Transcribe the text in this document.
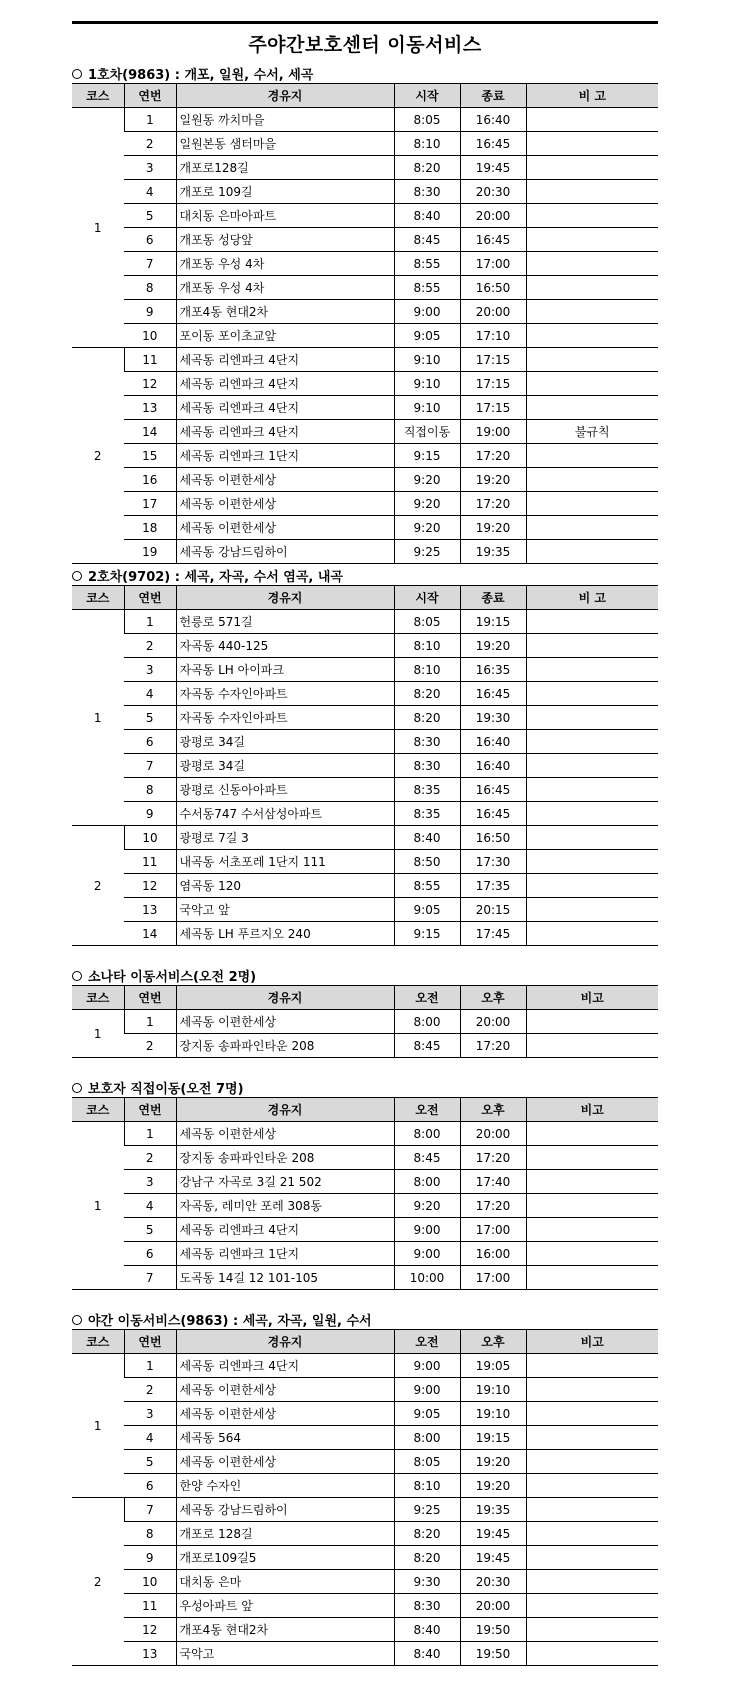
주야간보호센터 이동서비스
1호차(9863) : 개포, 일원, 수서, 세곡
코스	연번	경유지	시작	종료	비 고
1	1	일원동 까치마을	8:05	16:40	
	2	일원본동 샘터마을	8:10	16:45	
	3	개포로128길	8:20	19:45	
	4	개포로 109길	8:30	20:30	
	5	대치동 은마아파트	8:40	20:00	
	6	개포동 성당앞	8:45	16:45	
	7	개포동 우성 4차	8:55	17:00	
	8	개포동 우성 4차	8:55	16:50	
	9	개포4동 현대2차	9:00	20:00	
	10	포이동 포이초교앞	9:05	17:10	
2	11	세곡동 리엔파크 4단지	9:10	17:15	
	12	세곡동 리엔파크 4단지	9:10	17:15	
	13	세곡동 리엔파크 4단지	9:10	17:15	
	14	세곡동 리엔파크 4단지	직접이동	19:00	불규칙
	15	세곡동 리엔파크 1단지	9:15	17:20	
	16	세곡동 이편한세상	9:20	19:20	
	17	세곡동 이편한세상	9:20	17:20	
	18	세곡동 이편한세상	9:20	19:20	
	19	세곡동 강남드림하이	9:25	19:35	
2호차(9702) : 세곡, 자곡, 수서 염곡, 내곡
코스	연번	경유지	시작	종료	비 고
1	1	헌릉로 571길	8:05	19:15	
	2	자곡동 440-125	8:10	19:20	
	3	자곡동 LH 아이파크	8:10	16:35	
	4	자곡동 수자인아파트	8:20	16:45	
	5	자곡동 수자인아파트	8:20	19:30	
	6	광평로 34길	8:30	16:40	
	7	광평로 34길	8:30	16:40	
	8	광평로 신동아아파트	8:35	16:45	
	9	수서동747 수서삼성아파트	8:35	16:45	
2	10	광평로 7길 3	8:40	16:50	
	11	내곡동 서초포레 1단지 111	8:50	17:30	
	12	염곡동 120	8:55	17:35	
	13	국악고 앞	9:05	20:15	
	14	세곡동 LH 푸르지오 240	9:15	17:45	
소나타 이동서비스(오전 2명)
코스	연번	경유지	오전	오후	비고
1	1	세곡동 이편한세상	8:00	20:00	
	2	장지동 송파파인타운 208	8:45	17:20	
보호자 직접이동(오전 7명)
코스	연번	경유지	오전	오후	비고
1	1	세곡동 이편한세상	8:00	20:00	
	2	장지동 송파파인타운 208	8:45	17:20	
	3	강남구 자곡로 3길 21 502	8:00	17:40	
	4	자곡동, 레미안 포레 308동	9:20	17:20	
	5	세곡동 리엔파크 4단지	9:00	17:00	
	6	세곡동 리엔파크 1단지	9:00	16:00	
	7	도곡동 14길 12 101-105	10:00	17:00	
야간 이동서비스(9863) : 세곡, 자곡, 일원, 수서
코스	연번	경유지	오전	오후	비고
1	1	세곡동 리엔파크 4단지	9:00	19:05	
	2	세곡동 이편한세상	9:00	19:10	
	3	세곡동 이편한세상	9:05	19:10	
	4	세곡동 564	8:00	19:15	
	5	세곡동 이편한세상	8:05	19:20	
	6	한양 수자인	8:10	19:20	
2	7	세곡동 강남드림하이	9:25	19:35	
	8	개포로 128길	8:20	19:45	
	9	개포로109길5	8:20	19:45	
	10	대치동 은마	9:30	20:30	
	11	우성아파트 앞	8:30	20:00	
	12	개포4동 현대2차	8:40	19:50	
	13	국악고	8:40	19:50	
